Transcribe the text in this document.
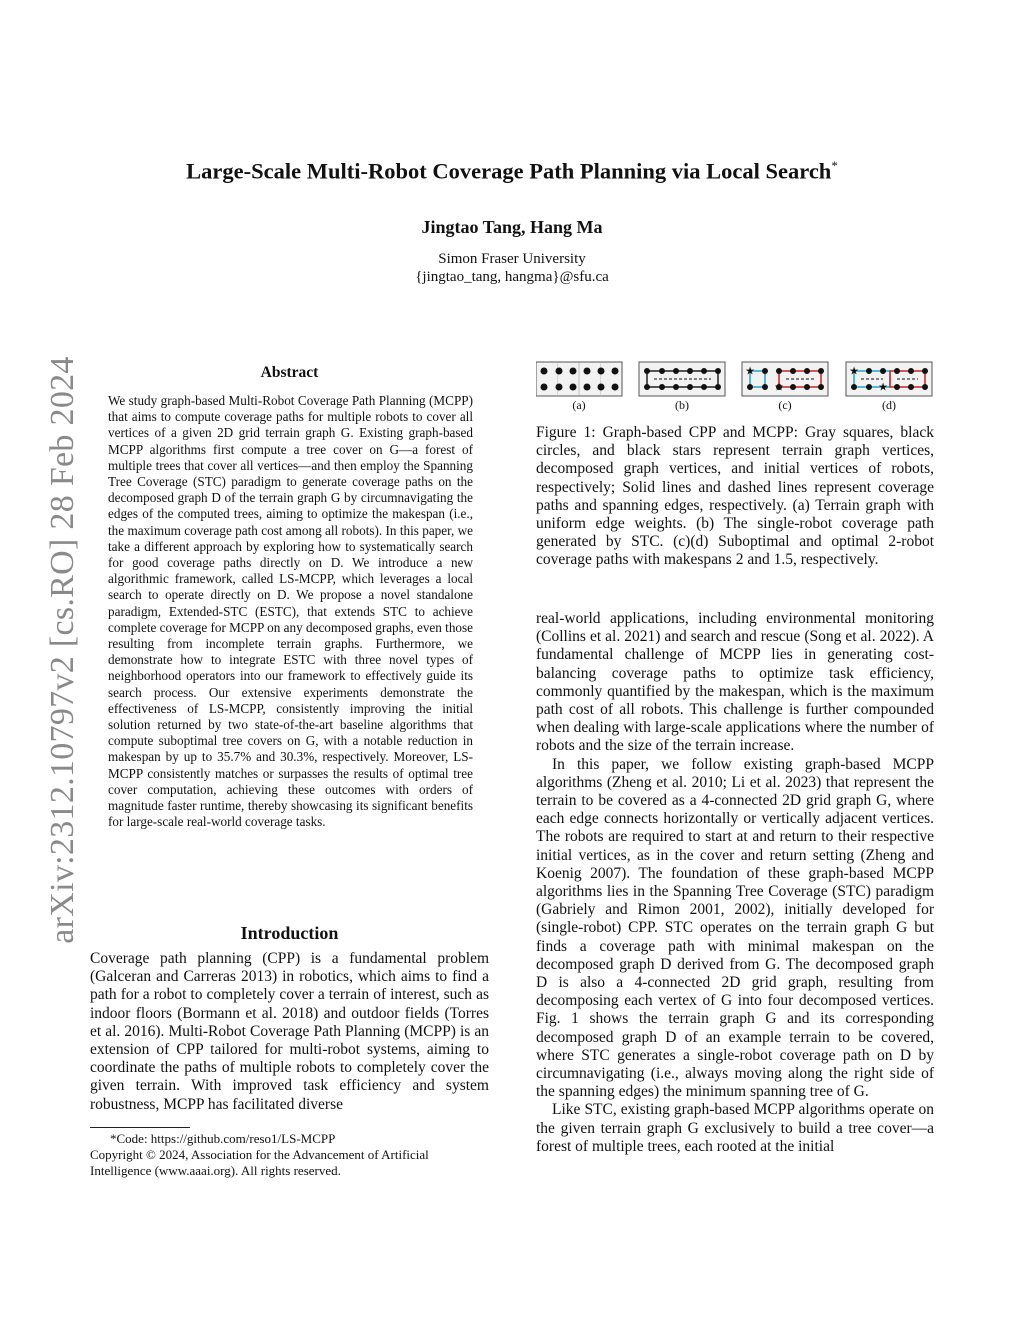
arXiv:2312.10797v2 [cs.RO] 28 Feb 2024
Large-Scale Multi-Robot Coverage Path Planning via Local Search*
Jingtao Tang, Hang Ma
Simon Fraser University
{jingtao_tang, hangma}@sfu.ca
Abstract

We study graph-based Multi-Robot Coverage Path Planning (MCPP) that aims to compute coverage paths for multiple robots to cover all vertices of a given 2D grid terrain graph G. Existing graph-based MCPP algorithms first compute a tree cover on G—a forest of multiple trees that cover all vertices—and then employ the Spanning Tree Coverage (STC) paradigm to generate coverage paths on the decomposed graph D of the terrain graph G by circumnavigating the edges of the computed trees, aiming to optimize the makespan (i.e., the maximum coverage path cost among all robots). In this paper, we take a different approach by exploring how to systematically search for good coverage paths directly on D. We introduce a new algorithmic framework, called LS-MCPP, which leverages a local search to operate directly on D. We propose a novel standalone paradigm, Extended-STC (ESTC), that extends STC to achieve complete coverage for MCPP on any decomposed graphs, even those resulting from incomplete terrain graphs. Furthermore, we demonstrate how to integrate ESTC with three novel types of neighborhood operators into our framework to effectively guide its search process. Our extensive experiments demonstrate the effectiveness of LS-MCPP, consistently improving the initial solution returned by two state-of-the-art baseline algorithms that compute suboptimal tree covers on G, with a notable reduction in makespan by up to 35.7% and 30.3%, respectively. Moreover, LS-MCPP consistently matches or surpasses the results of optimal tree cover computation, achieving these outcomes with orders of magnitude faster runtime, thereby showcasing its significant benefits for large-scale real-world coverage tasks.

Introduction

Coverage path planning (CPP) is a fundamental problem (Galceran and Carreras 2013) in robotics, which aims to find a path for a robot to completely cover a terrain of interest, such as indoor floors (Bormann et al. 2018) and outdoor fields (Torres et al. 2016). Multi-Robot Coverage Path Planning (MCPP) is an extension of CPP tailored for multi-robot systems, aiming to coordinate the paths of multiple robots to completely cover the given terrain. With improved task efficiency and system robustness, MCPP has facilitated diverse

*Code: https://github.com/reso1/LS-MCPP

Copyright © 2024, Association for the Advancement of Artificial Intelligence (www.aaai.org). All rights reserved.

★
★
★
★
(a)	(b)	(c)	(d)
Figure 1: Graph-based CPP and MCPP: Gray squares, black circles, and black stars represent terrain graph vertices, decomposed graph vertices, and initial vertices of robots, respectively; Solid lines and dashed lines represent coverage paths and spanning edges, respectively. (a) Terrain graph with uniform edge weights. (b) The single-robot coverage path generated by STC. (c)(d) Suboptimal and optimal 2-robot coverage paths with makespans 2 and 1.5, respectively.

real-world applications, including environmental monitoring (Collins et al. 2021) and search and rescue (Song et al. 2022). A fundamental challenge of MCPP lies in generating cost-balancing coverage paths to optimize task efficiency, commonly quantified by the makespan, which is the maximum path cost of all robots. This challenge is further compounded when dealing with large-scale applications where the number of robots and the size of the terrain increase.

In this paper, we follow existing graph-based MCPP algorithms (Zheng et al. 2010; Li et al. 2023) that represent the terrain to be covered as a 4-connected 2D grid graph G, where each edge connects horizontally or vertically adjacent vertices. The robots are required to start at and return to their respective initial vertices, as in the cover and return setting (Zheng and Koenig 2007). The foundation of these graph-based MCPP algorithms lies in the Spanning Tree Coverage (STC) paradigm (Gabriely and Rimon 2001, 2002), initially developed for (single-robot) CPP. STC operates on the terrain graph G but finds a coverage path with minimal makespan on the decomposed graph D derived from G. The decomposed graph D is also a 4-connected 2D grid graph, resulting from decomposing each vertex of G into four decomposed vertices. Fig. 1 shows the terrain graph G and its corresponding decomposed graph D of an example terrain to be covered, where STC generates a single-robot coverage path on D by circumnavigating (i.e., always moving along the right side of the spanning edges) the minimum spanning tree of G.

Like STC, existing graph-based MCPP algorithms operate on the given terrain graph G exclusively to build a tree cover—a forest of multiple trees, each rooted at the initial
